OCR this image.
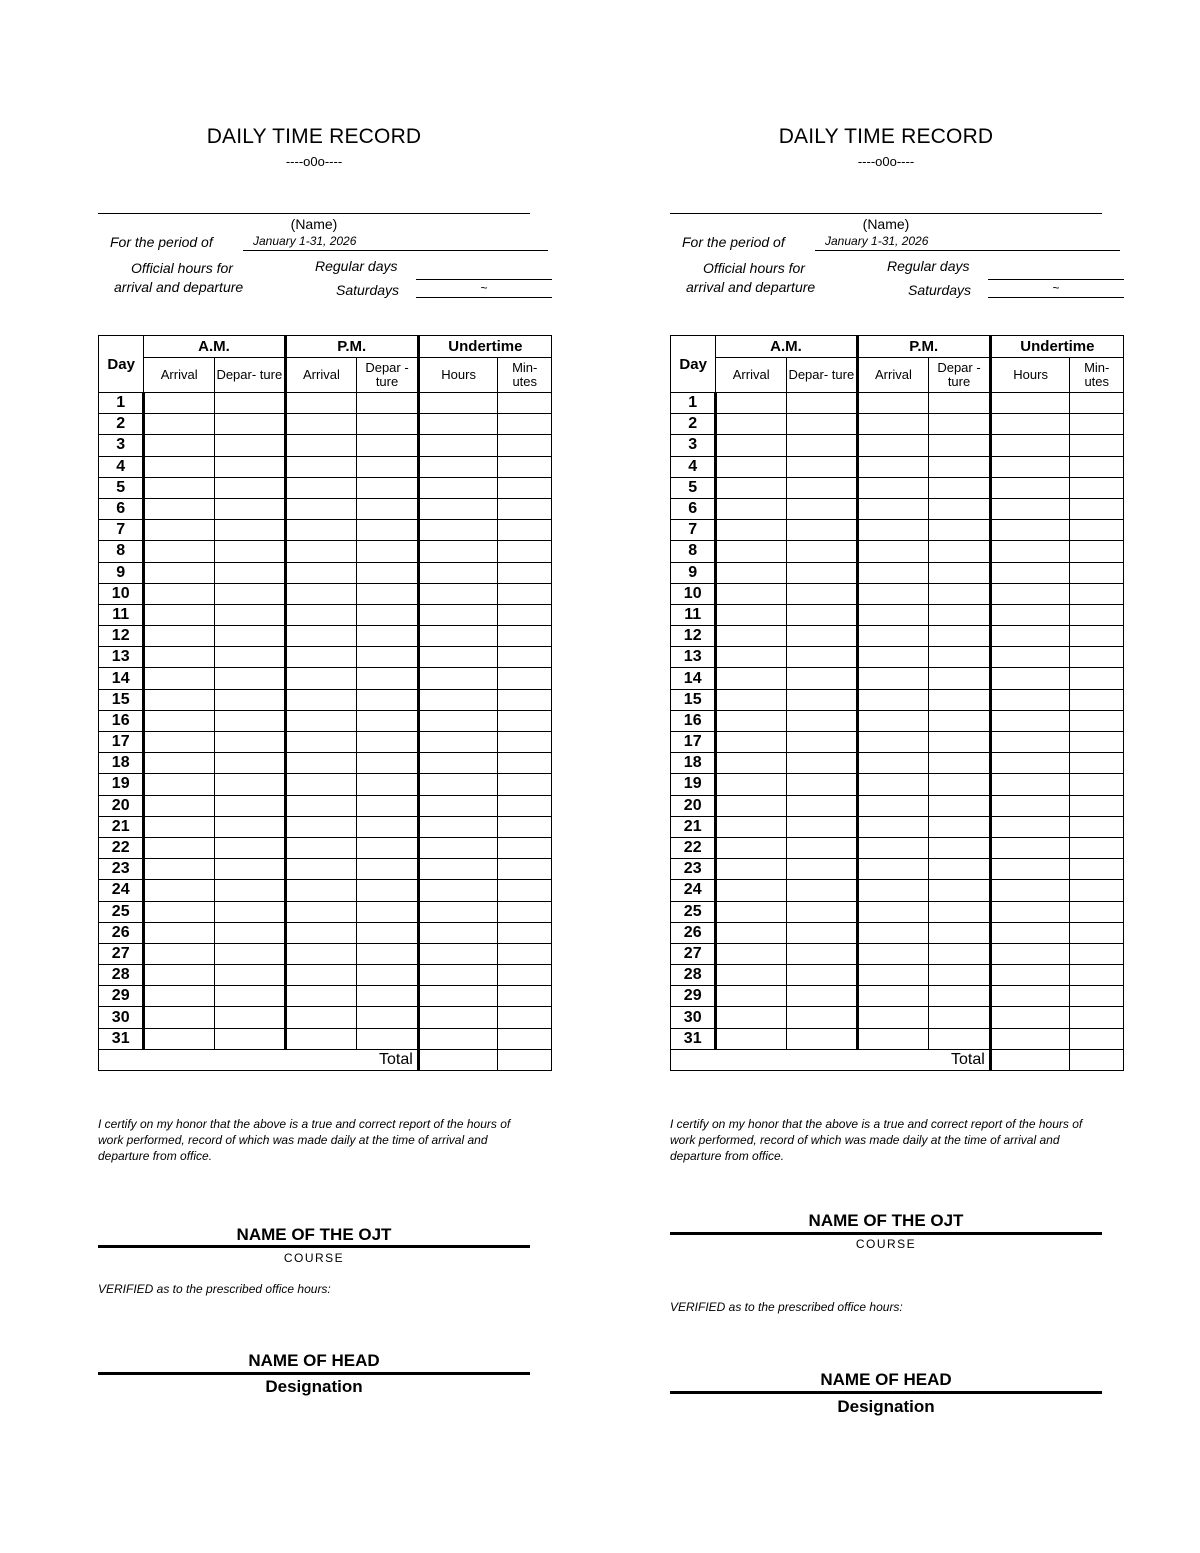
DAILY TIME RECORD
----o0o----
(Name)
For the period of	January 1-31, 2026
Official hours for
arrival and departure
Regular days
Saturdays	~
Day	A.M.		P.M.		Undertime	
	Arrival	Depar- ture	Arrival	Depar -ture	Hours	Min- utes
1						
2						
3						
4						
5						
6						
7						
8						
9						
10						
11						
12						
13						
14						
15						
16						
17						
18						
19						
20						
21						
22						
23						
24						
25						
26						
27						
28						
29						
30						
31						
Total						
I certify on my honor that the above is a true and correct report of the hours of work performed, record of which was made daily at the time of arrival and departure from office.
NAME OF THE OJT
COURSE
VERIFIED as to the prescribed office hours:
NAME OF HEAD
Designation
DAILY TIME RECORD
----o0o----
(Name)
For the period of	January 1-31, 2026
Official hours for
arrival and departure
Regular days
Saturdays	~
Day	A.M.		P.M.		Undertime	
	Arrival	Depar- ture	Arrival	Depar -ture	Hours	Min- utes
1						
2						
3						
4						
5						
6						
7						
8						
9						
10						
11						
12						
13						
14						
15						
16						
17						
18						
19						
20						
21						
22						
23						
24						
25						
26						
27						
28						
29						
30						
31						
Total						
I certify on my honor that the above is a true and correct report of the hours of work performed, record of which was made daily at the time of arrival and departure from office.
NAME OF THE OJT
COURSE
VERIFIED as to the prescribed office hours:
NAME OF HEAD
Designation
